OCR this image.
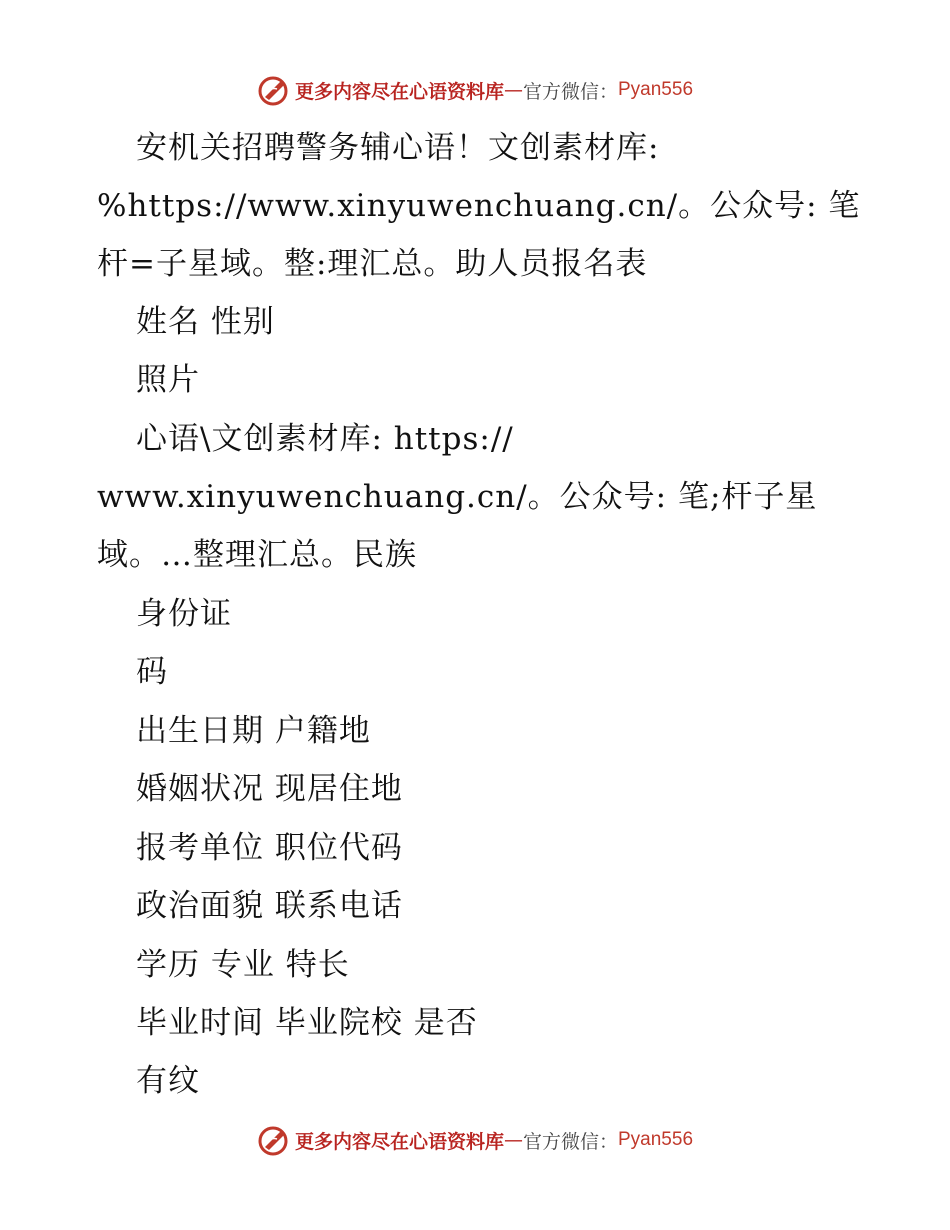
更多内容尽在心语资料库 — 官方微信： Pyan556
安机关招聘警务辅心语！文创素材库:
%https://www.xinyuwenchuang.cn/。公众号: 笔
杆=子星域。整:理汇总。助人员报名表
姓名 性别
照片
心语\文创素材库: https://
www.xinyuwenchuang.cn/。公众号: 笔;杆子星
域。…整理汇总。民族
身份证
码
出生日期 户籍地
婚姻状况 现居住地
报考单位 职位代码
政治面貌 联系电话
学历 专业 特长
毕业时间 毕业院校 是否
有纹
更多内容尽在心语资料库 — 官方微信： Pyan556
